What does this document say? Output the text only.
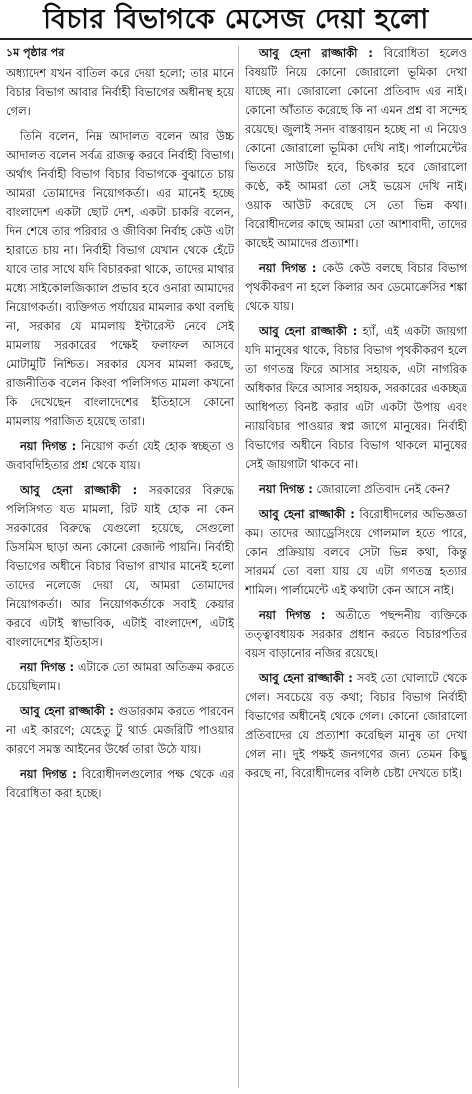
বিচার বিভাগকে মেসেজ দেয়া হলো
১ম পৃষ্ঠার পর

অধ্যাদেশ যখন বাতিল করে দেয়া হলো; তার মানে বিচার বিভাগ আবার নির্বাহী বিভাগের অধীনস্থ হয়ে গেল।

তিনি বলেন, নিম্ন আদালত বলেন আর উচ্চ আদালত বলেন সর্বত্র রাজত্ব করবে নির্বাহী বিভাগ। অর্থাৎ নির্বাহী বিভাগ বিচার বিভাগকে বুঝাতে চায় আমরা তোমাদের নিয়োগকর্তা। এর মানেই হচ্ছে বাংলাদেশ একটা ছোট দেশ, একটা চাকরি বলেন, দিন শেষে তার পরিবার ও জীবিকা নির্বাহ কেউ এটা হারাতে চায় না। নির্বাহী বিভাগ যেখান থেকে হেঁটে যাবে তার সাথে যদি বিচারকরা থাকে, তাদের মাথার মধ্যে সাইকোলজিক্যাল প্রভাব হবে ওনারা আমাদের নিয়োগকর্তা। ব্যক্তিগত পর্যায়ের মামলার কথা বলছি না, সরকার যে মামলায় ইন্টারেস্ট নেবে সেই মামলায় সরকারের পক্ষেই ফলাফল আসবে মোটামুটি নিশ্চিত। সরকার যেসব মামলা করছে, রাজনীতিক বলেন কিংবা পলিসিগত মামলা কখনো কি দেখেছেন বাংলাদেশের ইতিহাসে কোনো মামলায় পরাজিত হয়েছে তারা।

নয়া দিগন্ত : নিয়োগ কর্তা যেই হোক স্বচ্ছতা ও জবাবদিহিতার প্রশ্ন থেকে যায়।

আবু হেনা রাজ্জাকী : সরকারের বিরুদ্ধে পলিসিগত যত মামলা, রিট যাই হোক না কেন সরকারের বিরুদ্ধে যেগুলো হয়েছে, সেগুলো ডিসমিস ছাড়া অন্য কোনো রেজাল্ট পায়নি। নির্বাহী বিভাগের অধীনে বিচার বিভাগ রাখার মানেই হলো তাদের নলেজে দেয়া যে, আমরা তোমাদের নিয়োগকর্তা। আর নিয়োগকর্তাকে সবাই কেয়ার করবে এটাই স্বাভাবিক, এটাই বাংলাদেশ, এটাই বাংলাদেশের ইতিহাস।

নয়া দিগন্ত : এটাকে তো আমরা অতিক্রম করতে চেয়েছিলাম।

আবু হেনা রাজ্জাকী : গুডারকাম করতে পারবেন না এই কারণে; যেহেতু টু থার্ড মেজরিটি পাওয়ার কারণে সমস্ত আইনের উর্ধ্বে তারা উঠে যায়।

নয়া দিগন্ত : বিরোধীদলগুলোর পক্ষ থেকে এর বিরোধিতা করা হচ্ছে।

আবু হেনা রাজ্জাকী : বিরোধিতা হলেও বিষয়টি নিয়ে কোনো জোরালো ভূমিকা দেখা যাচ্ছে না। জোরালো কোনো প্রতিবাদ এর নাই। কোনো আঁতাত করেছে কি না এমন প্রশ্ন বা সন্দেহ রয়েছে। জুলাই সনদ বাস্তবায়ন হচ্ছে না এ নিয়েও কোনো জোরালো ভূমিকা দেখি নাই। পার্লামেন্টের ভিতরে সাউটিং হবে, চিৎকার হবে জোরালো কণ্ঠে, কই আমরা তো সেই ভয়েস দেখি নাই। ওয়াক আউট করেছে সে তো ভিন্ন কথা। বিরোধীদলের কাছে আমরা তো আশাবাদী, তাদের কাছেই আমাদের প্রত্যাশা।

নয়া দিগন্ত : কেউ কেউ বলছে বিচার বিভাগ পৃথকীকরণ না হলে কিলার অব ডেমোক্রেসির শঙ্কা থেকে যায়।

আবু হেনা রাজ্জাকী : হ্যাঁ, এই একটা জায়গা যদি মানুষের থাকে, বিচার বিভাগ পৃথকীকরণ হলে তা গণতন্ত্র ফিরে আসার সহায়ক, এটা নাগরিক অধিকার ফিরে আসার সহায়ক, সরকারের একচ্ছত্র আধিপত্য বিনষ্ট করার এটা একটা উপায় এবং ন্যায়বিচার পাওয়ার স্বপ্ন জাগে মানুষের। নির্বাহী বিভাগের অধীনে বিচার বিভাগ থাকলে মানুষের সেই জায়গাটা থাকবে না।

নয়া দিগন্ত : জোরালো প্রতিবাদ নেই কেন?

আবু হেনা রাজ্জাকী : বিরোধীদলের অভিজ্ঞতা কম। তাদের অ্যাড্রেসিংয়ে গোলমাল হতে পারে, কোন প্রক্রিয়ায় বলবে সেটা ভিন্ন কথা, কিন্তু সারমর্ম তো বলা যায় যে এটা গণতন্ত্র হত্যার শামিল। পার্লামেন্টে এই কথাটা কেন আসে নাই।

নয়া দিগন্ত : অতীতে পছন্দনীয় ব্যক্তিকে তত্ত্বাবধায়ক সরকার প্রধান করতে বিচারপতির বয়স বাড়ানোর নজির রয়েছে।

আবু হেনা রাজ্জাকী : সবই তো ঘোলাটে থেকে গেল। সবচেয়ে বড় কথা; বিচার বিভাগ নির্বাহী বিভাগের অধীনেই থেকে গেল। কোনো জোরালো প্রতিবাদের যে প্রত্যাশা করেছিল মানুষ তা দেখা গেল না। দুই পক্ষই জনগণের জন্য তেমন কিছু করছে না, বিরোধীদলের বলিষ্ঠ চেষ্টা দেখতে চাই।
